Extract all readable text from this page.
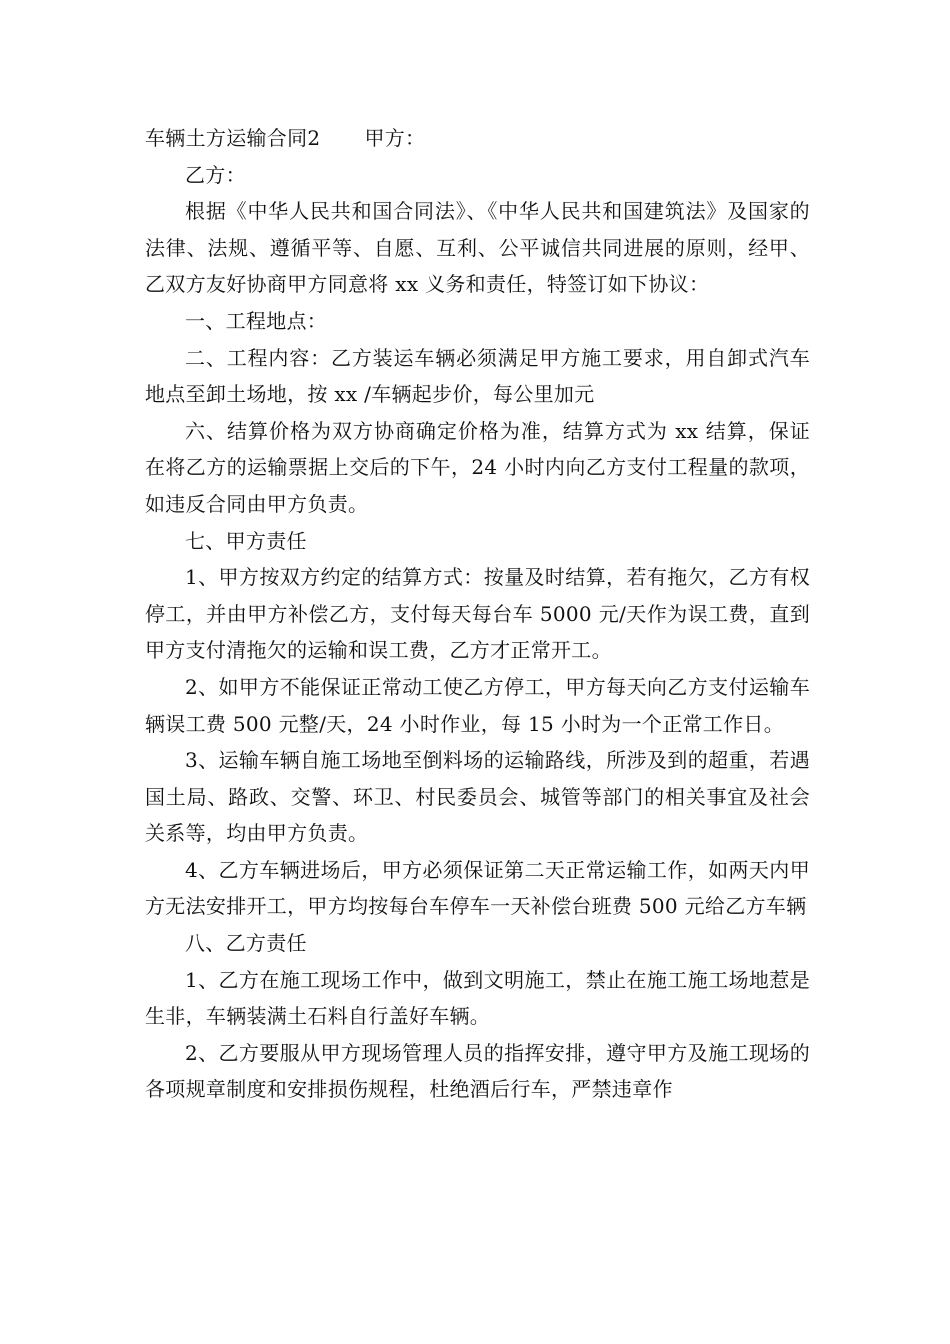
车辆土方运输合同2 甲方：

乙方：

根据《中华人民共和国合同法》、《中华人民共和国建筑法》及国家的法律、法规、遵循平等、自愿、互利、公平诚信共同进展的原则，经甲、乙双方友好协商甲方同意将 xx 义务和责任，特签订如下协议：

一、工程地点：

二、工程内容：乙方装运车辆必须满足甲方施工要求，用自卸式汽车地点至卸土场地，按 xx /车辆起步价，每公里加元

六、结算价格为双方协商确定价格为准，结算方式为 xx 结算，保证在将乙方的运输票据上交后的下午，24 小时内向乙方支付工程量的款项，如违反合同由甲方负责。

七、甲方责任

1、甲方按双方约定的结算方式：按量及时结算，若有拖欠，乙方有权停工，并由甲方补偿乙方，支付每天每台车 5000 元/天作为误工费，直到甲方支付清拖欠的运输和误工费，乙方才正常开工。

2、如甲方不能保证正常动工使乙方停工，甲方每天向乙方支付运输车辆误工费 500 元整/天，24 小时作业，每 15 小时为一个正常工作日。

3、运输车辆自施工场地至倒料场的运输路线，所涉及到的超重，若遇国土局、路政、交警、环卫、村民委员会、城管等部门的相关事宜及社会关系等，均由甲方负责。

4、乙方车辆进场后，甲方必须保证第二天正常运输工作，如两天内甲方无法安排开工，甲方均按每台车停车一天补偿台班费 500 元给乙方车辆

八、乙方责任

1、乙方在施工现场工作中，做到文明施工，禁止在施工施工场地惹是生非，车辆装满土石料自行盖好车辆。

2、乙方要服从甲方现场管理人员的指挥安排，遵守甲方及施工现场的各项规章制度和安排损伤规程，杜绝酒后行车，严禁违章作
